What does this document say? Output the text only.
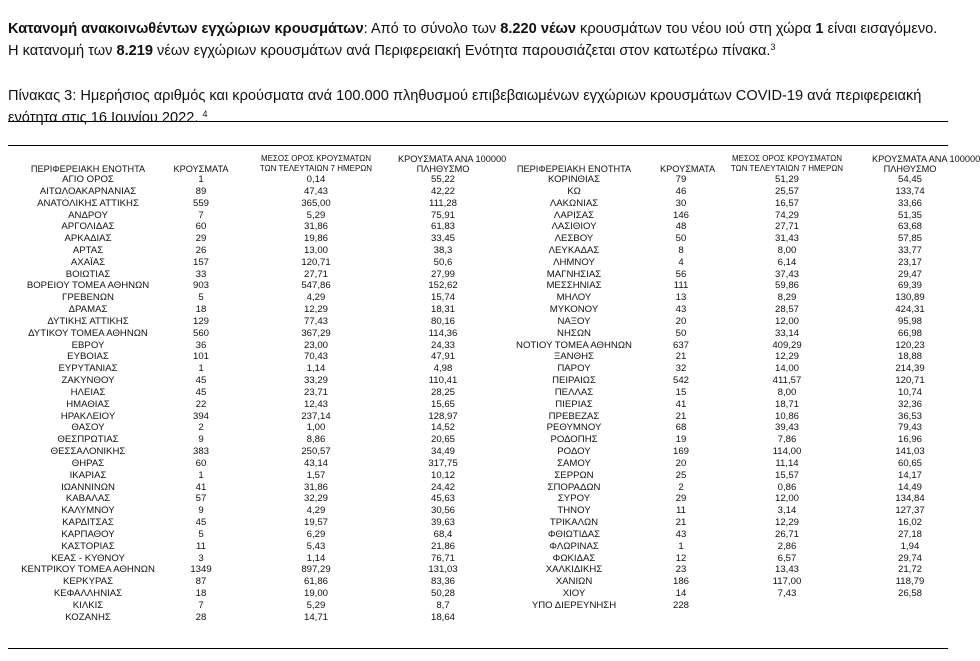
Κατανομή ανακοινωθέντων εγχώριων κρουσμάτων: Από το σύνολο των 8.220 νέων κρουσμάτων του νέου ιού στη χώρα 1 είναι εισαγόμενο. Η κατανομή των 8.219 νέων εγχώριων κρουσμάτων ανά Περιφερειακή Ενότητα παρουσιάζεται στον κατωτέρω πίνακα.$^3$

Πίνακας 3: Ημερήσιος αριθμός και κρούσματα ανά 100.000 πληθυσμού επιβεβαιωμένων εγχώριων κρουσμάτων COVID-19 ανά περιφερειακή ενότητα στις 16 Ιουνίου 2022. $^4$

ΠΕΡΙΦΕΡΕΙΑΚΗ ΕΝΟΤΗΤΑ	ΚΡΟΥΣΜΑΤΑ	ΜΕΣΟΣ ΟΡΟΣ ΚΡΟΥΣΜΑΤΩΝ
ΤΩΝ ΤΕΛΕΥΤΑΙΩΝ 7 ΗΜΕΡΩΝ	ΚΡΟΥΣΜΑΤΑ ΑΝΑ 100000
ΠΛΗΘΥΣΜΟ	ΠΕΡΙΦΕΡΕΙΑΚΗ ΕΝΟΤΗΤΑ	ΚΡΟΥΣΜΑΤΑ	ΜΕΣΟΣ ΟΡΟΣ ΚΡΟΥΣΜΑΤΩΝ
ΤΩΝ ΤΕΛΕΥΤΑΙΩΝ 7 ΗΜΕΡΩΝ	ΚΡΟΥΣΜΑΤΑ ΑΝΑ 100000
ΠΛΗΘΥΣΜΟ
ΑΓΙΟ ΟΡΟΣ	1	0,14	55,22	ΚΟΡΙΝΘΙΑΣ	79	51,29	54,45
ΑΙΤΩΛΟΑΚΑΡΝΑΝΙΑΣ	89	47,43	42,22	ΚΩ	46	25,57	133,74
ΑΝΑΤΟΛΙΚΗΣ ΑΤΤΙΚΗΣ	559	365,00	111,28	ΛΑΚΩΝΙΑΣ	30	16,57	33,66
ΑΝΔΡΟΥ	7	5,29	75,91	ΛΑΡΙΣΑΣ	146	74,29	51,35
ΑΡΓΟΛΙΔΑΣ	60	31,86	61,83	ΛΑΣΙΘΙΟΥ	48	27,71	63,68
ΑΡΚΑΔΙΑΣ	29	19,86	33,45	ΛΕΣΒΟΥ	50	31,43	57,85
ΑΡΤΑΣ	26	13,00	38,3	ΛΕΥΚΑΔΑΣ	8	8,00	33,77
ΑΧΑΪΑΣ	157	120,71	50,6	ΛΗΜΝΟΥ	4	6,14	23,17
ΒΟΙΩΤΙΑΣ	33	27,71	27,99	ΜΑΓΝΗΣΙΑΣ	56	37,43	29,47
ΒΟΡΕΙΟΥ ΤΟΜΕΑ ΑΘΗΝΩΝ	903	547,86	152,62	ΜΕΣΣΗΝΙΑΣ	111	59,86	69,39
ΓΡΕΒΕΝΩΝ	5	4,29	15,74	ΜΗΛΟΥ	13	8,29	130,89
ΔΡΑΜΑΣ	18	12,29	18,31	ΜΥΚΟΝΟΥ	43	28,57	424,31
ΔΥΤΙΚΗΣ ΑΤΤΙΚΗΣ	129	77,43	80,16	ΝΑΞΟΥ	20	12,00	95,98
ΔΥΤΙΚΟΥ ΤΟΜΕΑ ΑΘΗΝΩΝ	560	367,29	114,36	ΝΗΣΩΝ	50	33,14	66,98
ΕΒΡΟΥ	36	23,00	24,33	ΝΟΤΙΟΥ ΤΟΜΕΑ ΑΘΗΝΩΝ	637	409,29	120,23
ΕΥΒΟΙΑΣ	101	70,43	47,91	ΞΑΝΘΗΣ	21	12,29	18,88
ΕΥΡΥΤΑΝΙΑΣ	1	1,14	4,98	ΠΑΡΟΥ	32	14,00	214,39
ΖΑΚΥΝΘΟΥ	45	33,29	110,41	ΠΕΙΡΑΙΩΣ	542	411,57	120,71
ΗΛΕΙΑΣ	45	23,71	28,25	ΠΕΛΛΑΣ	15	8,00	10,74
ΗΜΑΘΙΑΣ	22	12,43	15,65	ΠΙΕΡΙΑΣ	41	18,71	32,36
ΗΡΑΚΛΕΙΟΥ	394	237,14	128,97	ΠΡΕΒΕΖΑΣ	21	10,86	36,53
ΘΑΣΟΥ	2	1,00	14,52	ΡΕΘΥΜΝΟΥ	68	39,43	79,43
ΘΕΣΠΡΩΤΙΑΣ	9	8,86	20,65	ΡΟΔΟΠΗΣ	19	7,86	16,96
ΘΕΣΣΑΛΟΝΙΚΗΣ	383	250,57	34,49	ΡΟΔΟΥ	169	114,00	141,03
ΘΗΡΑΣ	60	43,14	317,75	ΣΑΜΟΥ	20	11,14	60,65
ΙΚΑΡΙΑΣ	1	1,57	10,12	ΣΕΡΡΩΝ	25	15,57	14,17
ΙΩΑΝΝΙΝΩΝ	41	31,86	24,42	ΣΠΟΡΑΔΩΝ	2	0,86	14,49
ΚΑΒΑΛΑΣ	57	32,29	45,63	ΣΥΡΟΥ	29	12,00	134,84
ΚΑΛΥΜΝΟΥ	9	4,29	30,56	ΤΗΝΟΥ	11	3,14	127,37
ΚΑΡΔΙΤΣΑΣ	45	19,57	39,63	ΤΡΙΚΑΛΩΝ	21	12,29	16,02
ΚΑΡΠΑΘΟΥ	5	6,29	68,4	ΦΘΙΩΤΙΔΑΣ	43	26,71	27,18
ΚΑΣΤΟΡΙΑΣ	11	5,43	21,86	ΦΛΩΡΙΝΑΣ	1	2,86	1,94
ΚΕΑΣ - ΚΥΘΝΟΥ	3	1,14	76,71	ΦΩΚΙΔΑΣ	12	6,57	29,74
ΚΕΝΤΡΙΚΟΥ ΤΟΜΕΑ ΑΘΗΝΩΝ	1349	897,29	131,03	ΧΑΛΚΙΔΙΚΗΣ	23	13,43	21,72
ΚΕΡΚΥΡΑΣ	87	61,86	83,36	ΧΑΝΙΩΝ	186	117,00	118,79
ΚΕΦΑΛΛΗΝΙΑΣ	18	19,00	50,28	ΧΙΟΥ	14	7,43	26,58
ΚΙΛΚΙΣ	7	5,29	8,7	ΥΠΟ ΔΙΕΡΕΥΝΗΣΗ	228		
ΚΟΖΑΝΗΣ	28	14,71	18,64				
